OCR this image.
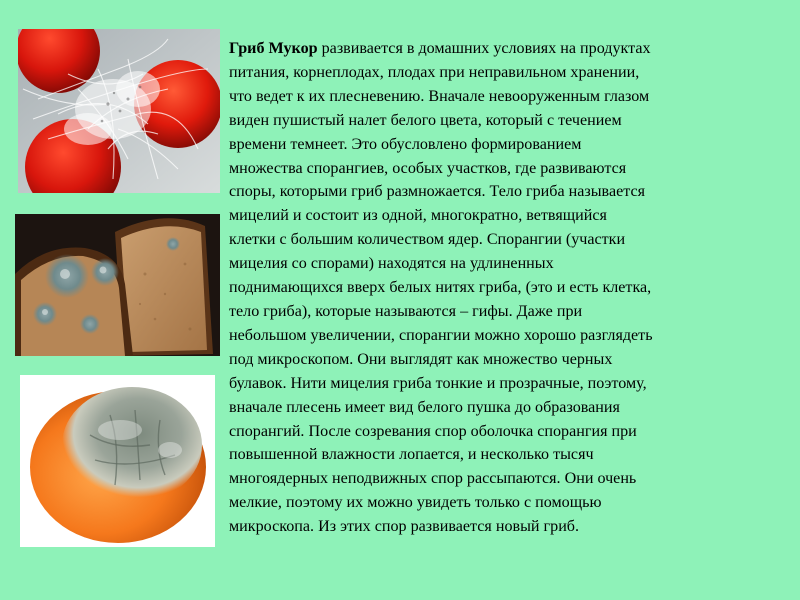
Гриб Мукор развивается в домашних условиях на продуктах
питания, корнеплодах, плодах при неправильном хранении,
что ведет к их плесневению. Вначале невооруженным глазом
виден пушистый налет белого цвета, который с течением
времени темнеет. Это обусловлено формированием
множества спорангиев, особых участков, где развиваются
споры, которыми гриб размножается. Тело гриба называется
мицелий и состоит из одной, многократно, ветвящийся
клетки с большим количеством ядер. Спорангии (участки
мицелия со спорами) находятся на удлиненных
поднимающихся вверх белых нитях гриба, (это и есть клетка,
тело гриба), которые называются – гифы. Даже при
небольшом увеличении, спорангии можно хорошо разглядеть
под микроскопом. Они выглядят как множество черных
булавок. Нити мицелия гриба тонкие и прозрачные, поэтому,
вначале плесень имеет вид белого пушка до образования
спорангий. После созревания спор оболочка спорангия при
повышенной влажности лопается, и несколько тысяч
многоядерных неподвижных спор рассыпаются. Они очень
мелкие, поэтому их можно увидеть только с помощью
микроскопа. Из этих спор развивается новый гриб.
